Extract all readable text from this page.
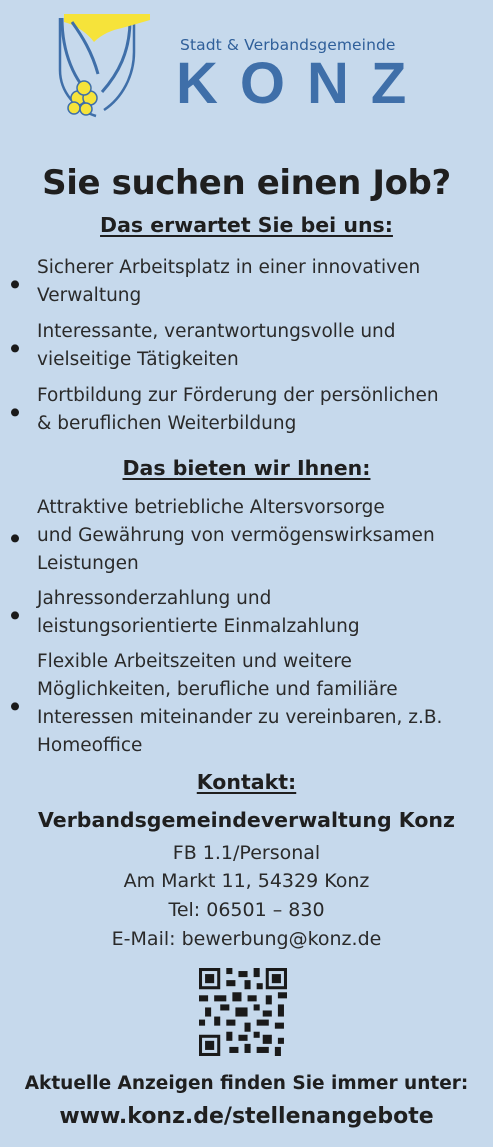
Stadt & Verbandsgemeinde
KONZ
Sie suchen einen Job?
Das erwartet Sie bei uns:
Sicherer Arbeitsplatz in einer innovativen
Verwaltung
Interessante, verantwortungsvolle und
vielseitige Tätigkeiten
Fortbildung zur Förderung der persönlichen
& beruflichen Weiterbildung
Das bieten wir Ihnen:
Attraktive betriebliche Altersvorsorge
und Gewährung von vermögenswirksamen
Leistungen
Jahressonderzahlung und
leistungsorientierte Einmalzahlung
Flexible Arbeitszeiten und weitere
Möglichkeiten, berufliche und familiäre
Interessen miteinander zu vereinbaren, z.B.
Homeoffice
Kontakt:
Verbandsgemeindeverwaltung Konz
FB 1.1/Personal
Am Markt 11, 54329 Konz
Tel: 06501 – 830
E-Mail: bewerbung@konz.de
Aktuelle Anzeigen finden Sie immer unter:
www.konz.de/stellenangebote
